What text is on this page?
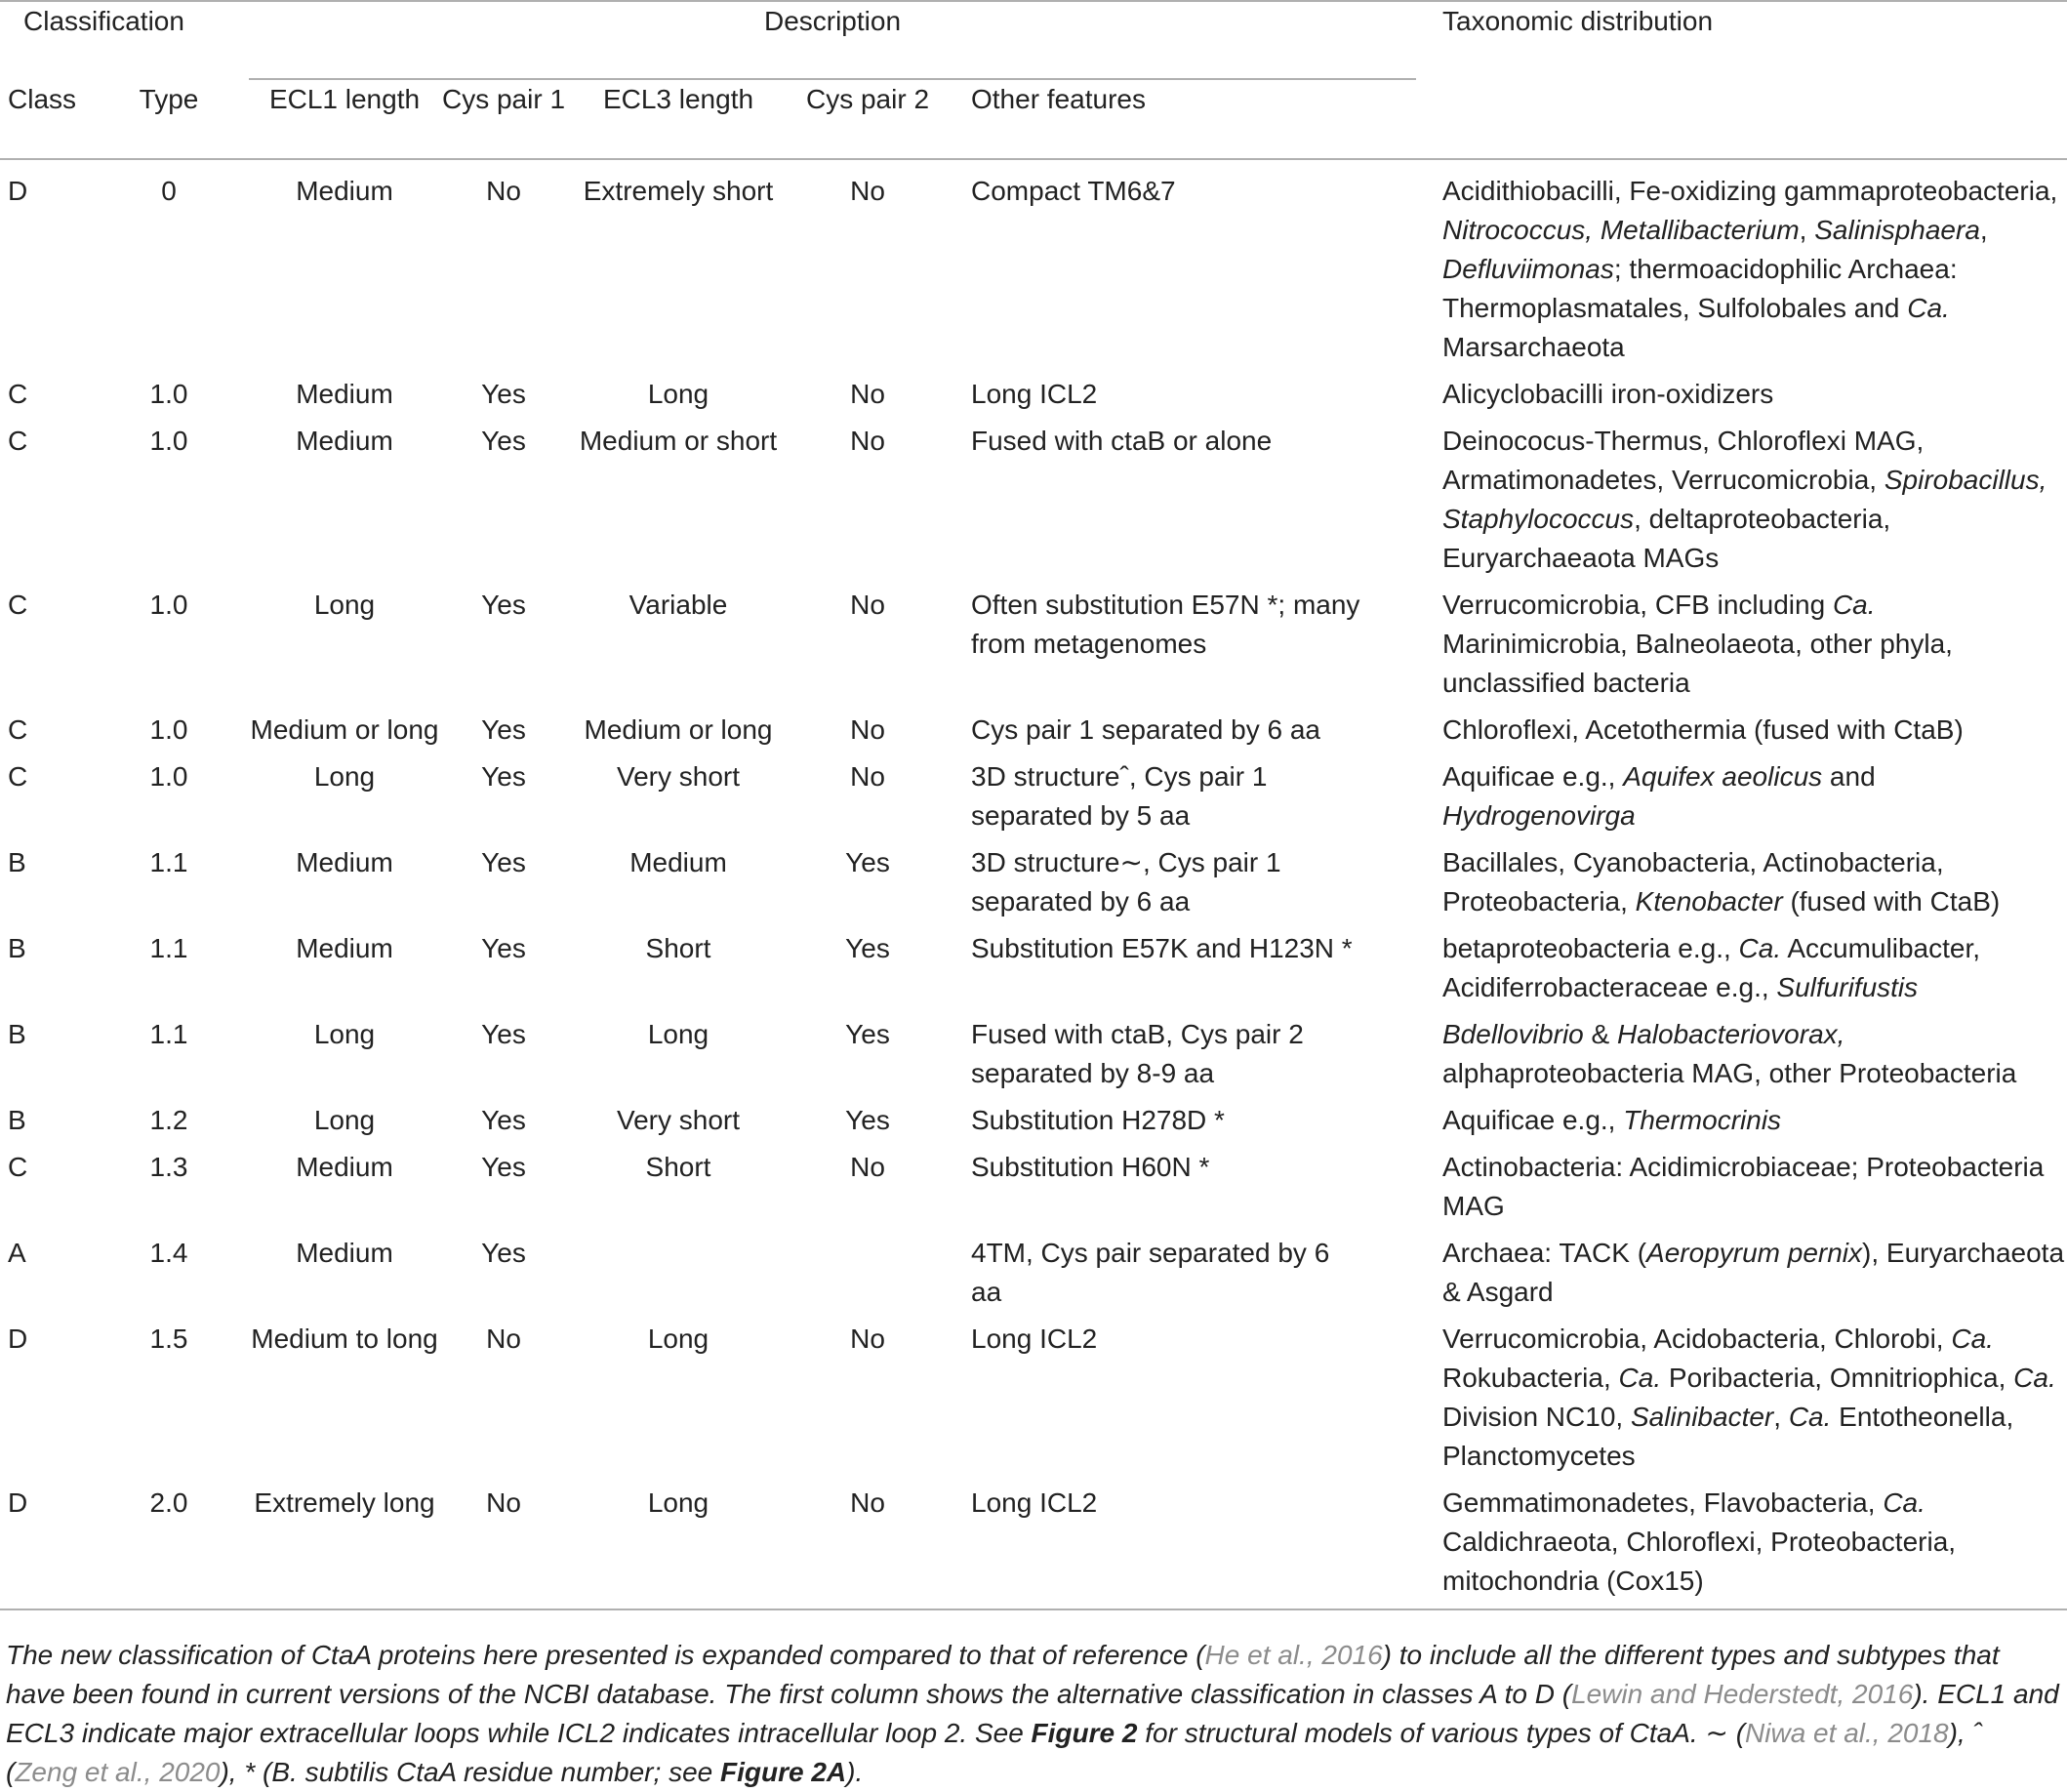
Classification		Description		Taxonomic distribution
Class	Type		ECL1 length	Cys pair 1	ECL3 length	Cys pair 2		Other features		

D	0		Medium	No	Extremely short	No		Compact TM6&7		Acidithiobacilli, Fe-oxidizing gammaproteobacteria, Nitrococcus, Metallibacterium, Salinisphaera, Defluviimonas; thermoacidophilic Archaea: Thermoplasmatales, Sulfolobales and Ca. Marsarchaeota
C	1.0		Medium	Yes	Long	No		Long ICL2		Alicyclobacilli iron-oxidizers
C	1.0		Medium	Yes	Medium or short	No		Fused with ctaB or alone		Deinococus-Thermus, Chloroflexi MAG, Armatimonadetes, Verrucomicrobia, Spirobacillus, Staphylococcus, deltaproteobacteria, Euryarchaeaota MAGs
C	1.0		Long	Yes	Variable	No		Often substitution E57N *; many from metagenomes		Verrucomicrobia, CFB including Ca. Marinimicrobia, Balneolaeota, other phyla, unclassified bacteria
C	1.0		Medium or long	Yes	Medium or long	No		Cys pair 1 separated by 6 aa		Chloroflexi, Acetothermia (fused with CtaB)
C	1.0		Long	Yes	Very short	No		3D structureˆ, Cys pair 1 separated by 5 aa		Aquificae e.g., Aquifex aeolicus and Hydrogenovirga
B	1.1		Medium	Yes	Medium	Yes		3D structure∼, Cys pair 1 separated by 6 aa		Bacillales, Cyanobacteria, Actinobacteria, Proteobacteria, Ktenobacter (fused with CtaB)
B	1.1		Medium	Yes	Short	Yes		Substitution E57K and H123N *		betaproteobacteria e.g., Ca. Accumulibacter, Acidiferrobacteraceae e.g., Sulfurifustis
B	1.1		Long	Yes	Long	Yes		Fused with ctaB, Cys pair 2 separated by 8-9 aa		Bdellovibrio & Halobacteriovorax, alphaproteobacteria MAG, other Proteobacteria
B	1.2		Long	Yes	Very short	Yes		Substitution H278D *		Aquificae e.g., Thermocrinis
C	1.3		Medium	Yes	Short	No		Substitution H60N *		Actinobacteria: Acidimicrobiaceae; Proteobacteria MAG
A	1.4		Medium	Yes				4TM, Cys pair separated by 6 aa		Archaea: TACK (Aeropyrum pernix), Euryarchaeota & Asgard
D	1.5		Medium to long	No	Long	No		Long ICL2		Verrucomicrobia, Acidobacteria, Chlorobi, Ca. Rokubacteria, Ca. Poribacteria, Omnitriophica, Ca. Division NC10, Salinibacter, Ca. Entotheonella, Planctomycetes
D	2.0		Extremely long	No	Long	No		Long ICL2		Gemmatimonadetes, Flavobacteria, Ca. Caldichraeota, Chloroflexi, Proteobacteria, mitochondria (Cox15)

The new classification of CtaA proteins here presented is expanded compared to that of reference (He et al., 2016) to include all the different types and subtypes that have been found in current versions of the NCBI database. The first column shows the alternative classification in classes A to D (Lewin and Hederstedt, 2016). ECL1 and ECL3 indicate major extracellular loops while ICL2 indicates intracellular loop 2. See Figure 2 for structural models of various types of CtaA. ∼ (Niwa et al., 2018), ˆ (Zeng et al., 2020), * (B. subtilis CtaA residue number; see Figure 2A).
